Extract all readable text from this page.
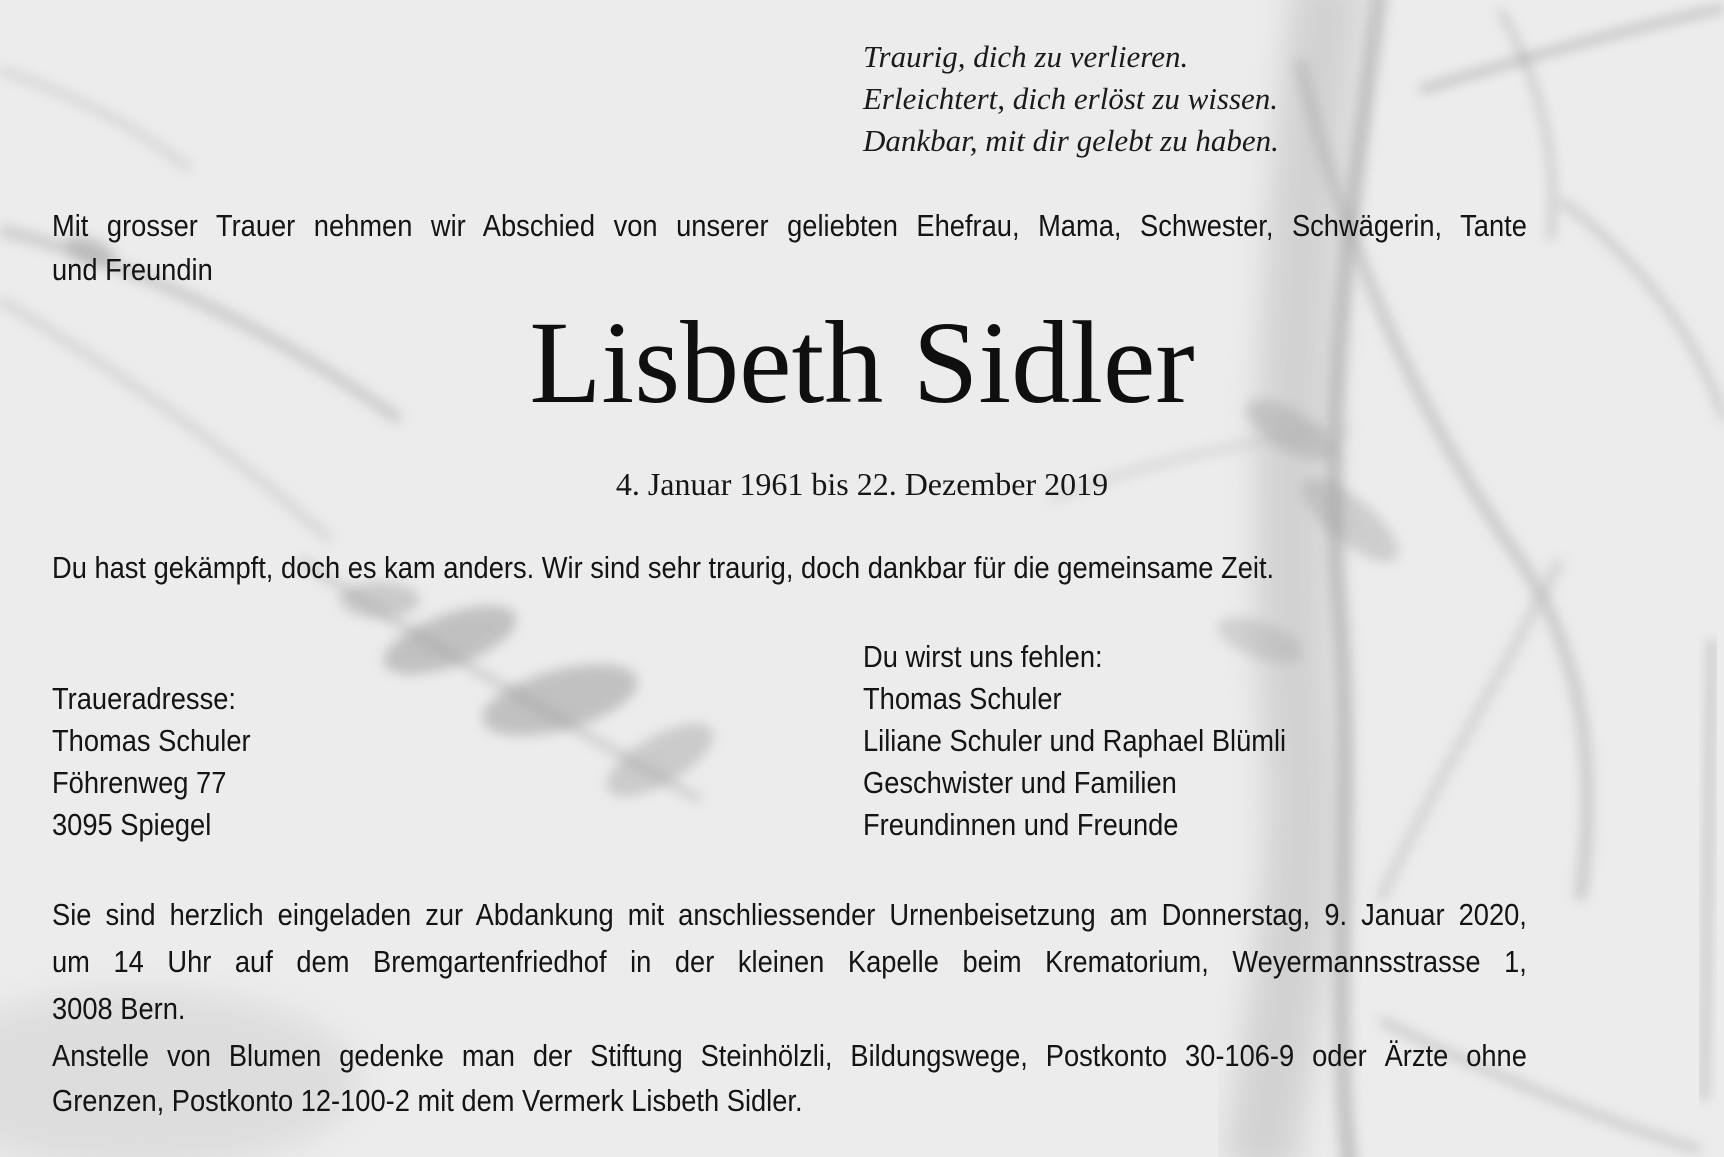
Traurig, dich zu verlieren.
Erleichtert, dich erlöst zu wissen.
Dankbar, mit dir gelebt zu haben.
Mit grosser Trauer nehmen wir Abschied von unserer geliebten Ehefrau, Mama, Schwester, Schwägerin, Tante
und Freundin
Lisbeth Sidler
4. Januar 1961 bis 22. Dezember 2019
Du hast gekämpft, doch es kam anders. Wir sind sehr traurig, doch dankbar für die gemeinsame Zeit.
Du wirst uns fehlen:
Thomas Schuler
Liliane Schuler und Raphael Blümli
Geschwister und Familien
Freundinnen und Freunde
Traueradresse:
Thomas Schuler
Föhrenweg 77
3095 Spiegel
Sie sind herzlich eingeladen zur Abdankung mit anschliessender Urnenbeisetzung am Donnerstag, 9. Januar 2020,
um 14 Uhr auf dem Bremgartenfriedhof in der kleinen Kapelle beim Krematorium, Weyermannsstrasse 1,
3008 Bern.
Anstelle von Blumen gedenke man der Stiftung Steinhölzli, Bildungswege, Postkonto 30-106-9 oder Ärzte ohne
Grenzen, Postkonto 12-100-2 mit dem Vermerk Lisbeth Sidler.
